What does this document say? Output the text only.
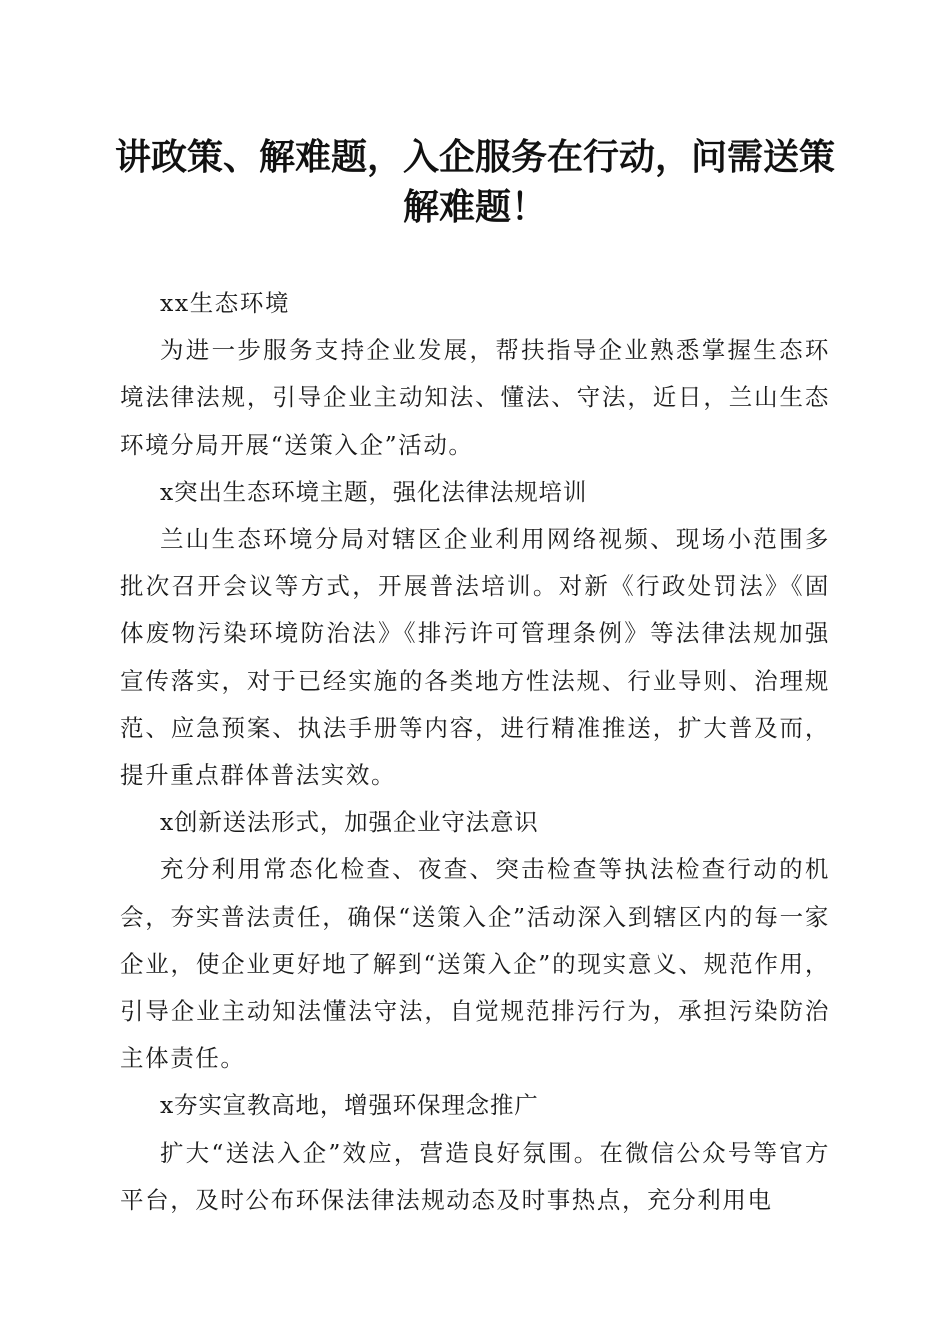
讲政策、解难题，入企服务在行动，问需送策解难题！

xx生态环境

为进一步服务支持企业发展，帮扶指导企业熟悉掌握生态环境法律法规，引导企业主动知法、懂法、守法，近日，兰山生态环境分局开展“送策入企”活动。

x突出生态环境主题，强化法律法规培训

兰山生态环境分局对辖区企业利用网络视频、现场小范围多批次召开会议等方式，开展普法培训。对新《行政处罚法》《固体废物污染环境防治法》《排污许可管理条例》等法律法规加强宣传落实，对于已经实施的各类地方性法规、行业导则、治理规范、应急预案、执法手册等内容，进行精准推送，扩大普及而，提升重点群体普法实效。

x创新送法形式，加强企业守法意识

充分利用常态化检查、夜查、突击检查等执法检查行动的机会，夯实普法责任，确保“送策入企”活动深入到辖区内的每一家企业，使企业更好地了解到“送策入企”的现实意义、规范作用，引导企业主动知法懂法守法，自觉规范排污行为，承担污染防治主体责任。

x夯实宣教高地，增强环保理念推广

扩大“送法入企”效应，营造良好氛围。在微信公众号等官方平台，及时公布环保法律法规动态及时事热点，充分利用电
